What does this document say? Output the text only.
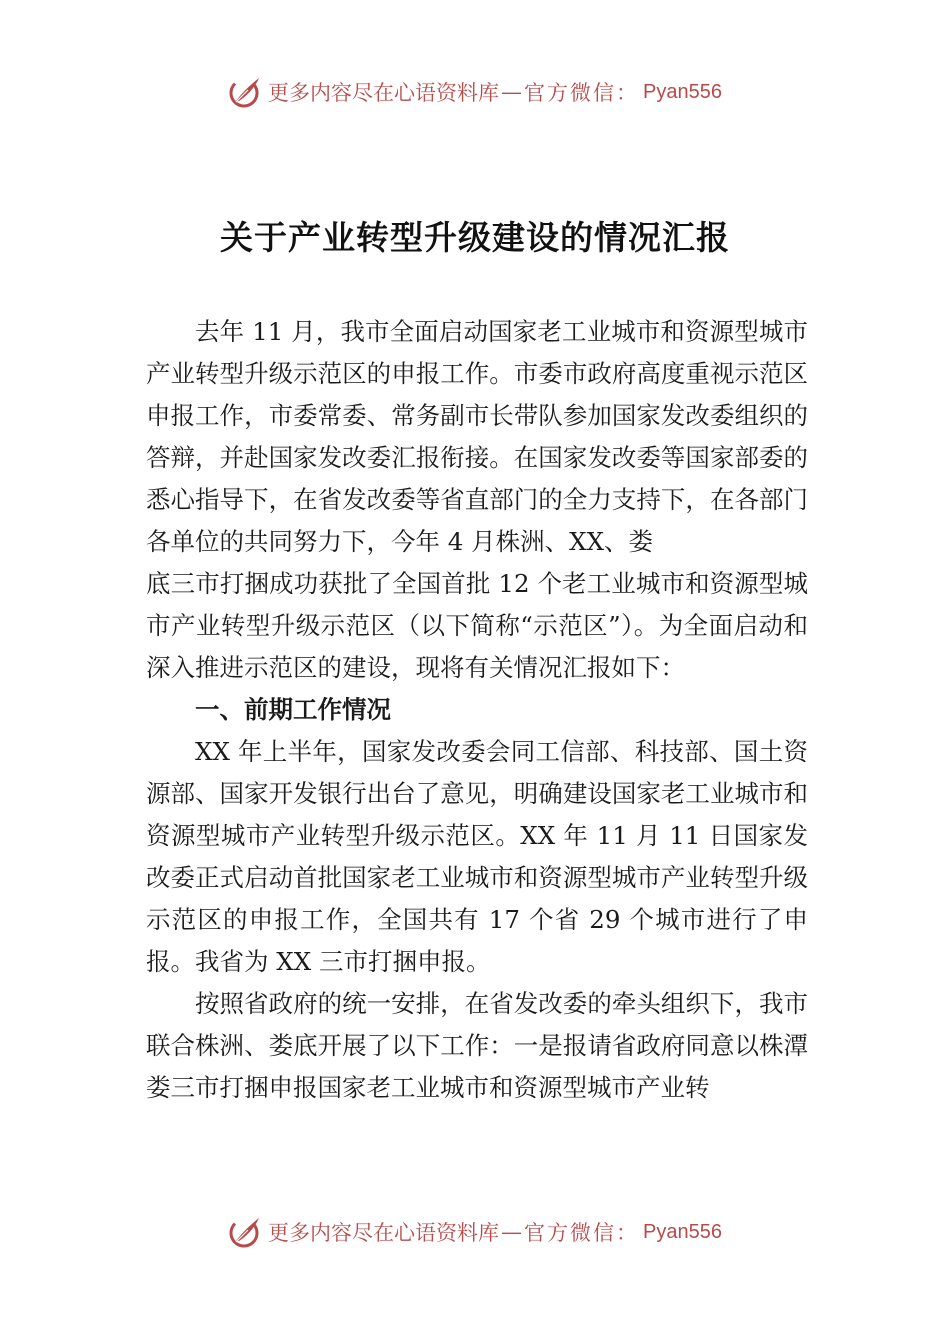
更多内容尽在心语资料库 — 官方微信： Pyan556
关于产业转型升级建设的情况汇报

去年 11 月，我市全面启动国家老工业城市和资源型城市产业转型升级示范区的申报工作。市委市政府高度重视示范区申报工作，市委常委、常务副市长带队参加国家发改委组织的答辩，并赴国家发改委汇报衔接。在国家发改委等国家部委的悉心指导下，在省发改委等省直部门的全力支持下，在各部门各单位的共同努力下，今年 4 月株洲、XX、娄

底三市打捆成功获批了全国首批 12 个老工业城市和资源型城市产业转型升级示范区（以下简称“示范区”）。为全面启动和深入推进示范区的建设，现将有关情况汇报如下：

一、前期工作情况

XX 年上半年，国家发改委会同工信部、科技部、国土资源部、国家开发银行出台了意见，明确建设国家老工业城市和资源型城市产业转型升级示范区。XX 年 11 月 11 日国家发改委正式启动首批国家老工业城市和资源型城市产业转型升级示范区的申报工作，全国共有 17 个省 29 个城市进行了申报。我省为 XX 三市打捆申报。

按照省政府的统一安排，在省发改委的牵头组织下，我市联合株洲、娄底开展了以下工作：一是报请省政府同意以株潭娄三市打捆申报国家老工业城市和资源型城市产业转

更多内容尽在心语资料库 — 官方微信： Pyan556
